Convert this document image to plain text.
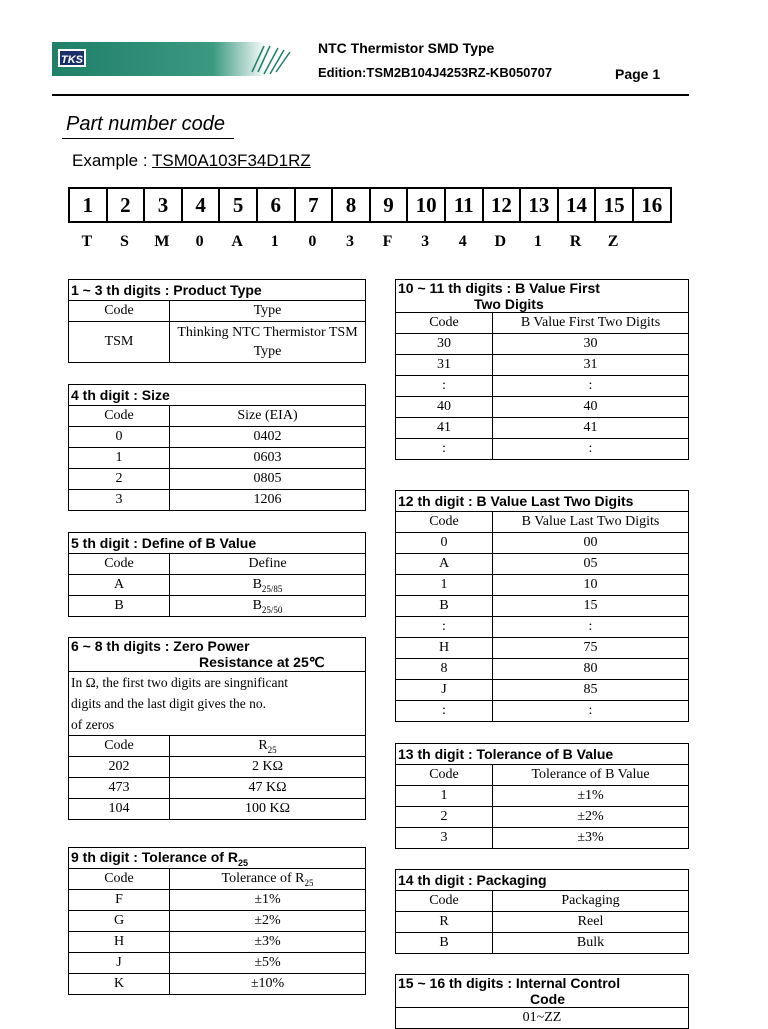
TKS
NTC Thermistor SMD Type
Edition:TSM2B104J4253RZ-KB050707	Page 1
Part number code
Example : TSM0A103F34D1RZ
1	2	3	4	5	6	7	8	9	10 11 12 13 14 15 16
T	S	M	0	A	1	0	3	F	3	4	D	1	R	Z
1 ~ 3 th digits : Product Type	
Code	Type
TSM	Thinking NTC Thermistor TSM Type
4 th digit : Size	
Code	Size (EIA)
0	0402
1	0603
2	0805
3	1206
5 th digit : Define of B Value	
Code	Define
A	$B_{25/85}$
B	$B_{25/50}$
6 ~ 8 th digits : Zero Power
Resistance at 25℃	

In Ω, the first two digits are singnificant
digits and the last digit gives the no.
of zeros	

Code	$R_{25}$
202	2 KΩ
473	47 KΩ
104	100 KΩ
9 th digit : Tolerance of $R_{25}$
Code	Tolerance of $R_{25}$
F	±1%
G	±2%
H	±3%
J	±5%
K	±10%
10 ~ 11 th digits : B Value First
Two Digits	

Code	B Value First Two Digits
30	30
31	31
:	:
40	40
41	41
:	:
12 th digit : B Value Last Two Digits	
Code	B Value Last Two Digits
0	00
A	05
1	10
B	15
:	:
H	75
8	80
J	85
:	:
13 th digit : Tolerance of B Value	
Code	Tolerance of B Value
1	±1%
2	±2%
3	±3%
14 th digit : Packaging	
Code	Packaging
R	Reel
B	Bulk
15 ~ 16 th digits : Internal Control
Code

01~ZZ
